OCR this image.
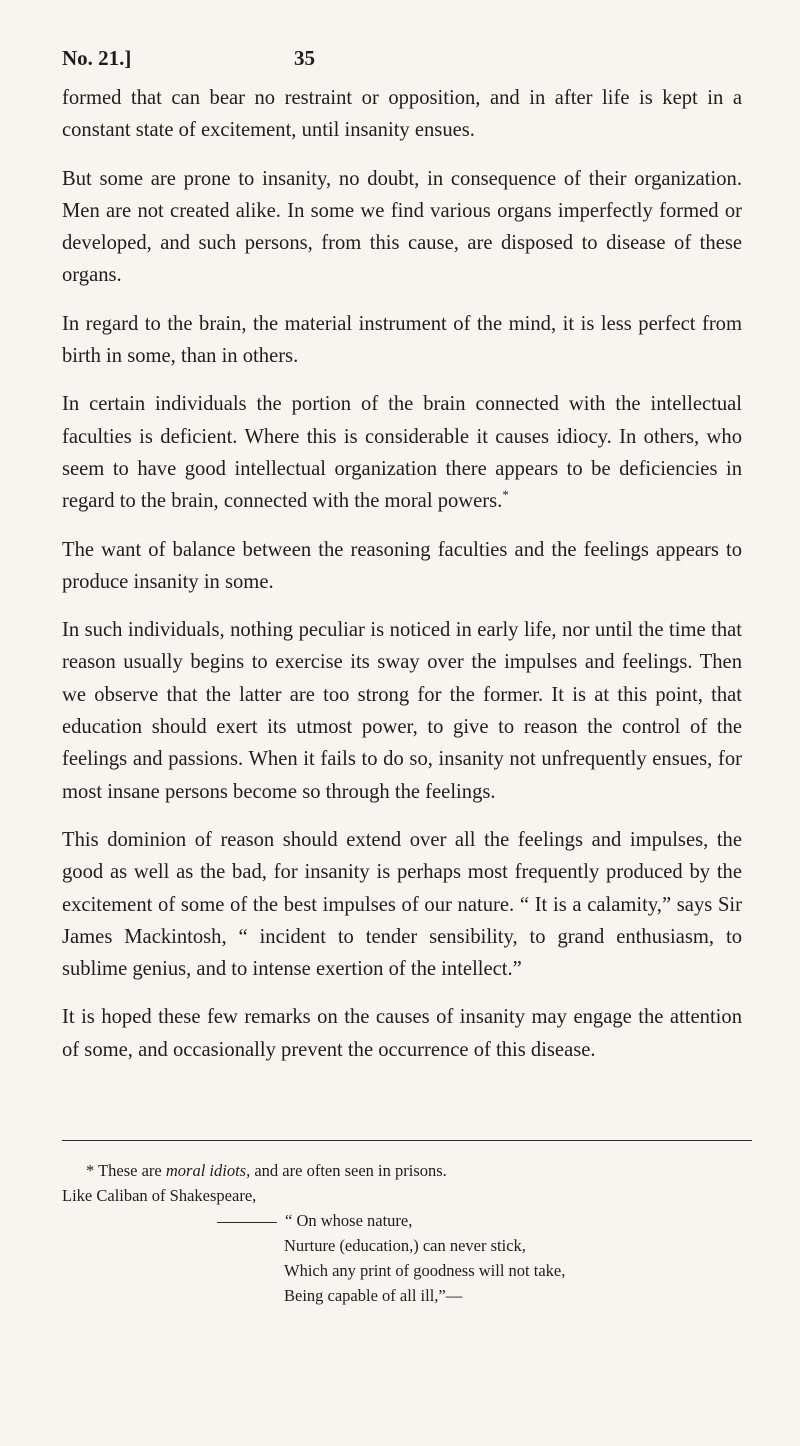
No. 21.]	35

formed that can bear no restraint or opposition, and in after life is kept in a constant state of excitement, until insanity ensues.

But some are prone to insanity, no doubt, in consequence of their organization. Men are not created alike. In some we find various organs imperfectly formed or developed, and such persons, from this cause, are disposed to disease of these organs.

In regard to the brain, the material instrument of the mind, it is less perfect from birth in some, than in others.

In certain individuals the portion of the brain connected with the intellectual faculties is deficient. Where this is considerable it causes idiocy. In others, who seem to have good intellectual organization there appears to be deficiencies in regard to the brain, connected with the moral powers.*

The want of balance between the reasoning faculties and the feelings appears to produce insanity in some.

In such individuals, nothing peculiar is noticed in early life, nor until the time that reason usually begins to exercise its sway over the impulses and feelings. Then we observe that the latter are too strong for the former. It is at this point, that education should exert its utmost power, to give to reason the control of the feelings and passions. When it fails to do so, insanity not unfrequently ensues, for most insane persons become so through the feelings.

This dominion of reason should extend over all the feelings and impulses, the good as well as the bad, for insanity is perhaps most frequently produced by the excitement of some of the best impulses of our nature. “ It is a calamity,” says Sir James Mackintosh, “ incident to tender sensibility, to grand enthusiasm, to sublime genius, and to intense exertion of the intellect.”

It is hoped these few remarks on the causes of insanity may engage the attention of some, and occasionally prevent the occurrence of this disease.

* These are moral idiots, and are often seen in prisons.
Like Caliban of Shakespeare,
“ On whose nature,
Nurture (education,) can never stick,
Which any print of goodness will not take,
Being capable of all ill,”—
